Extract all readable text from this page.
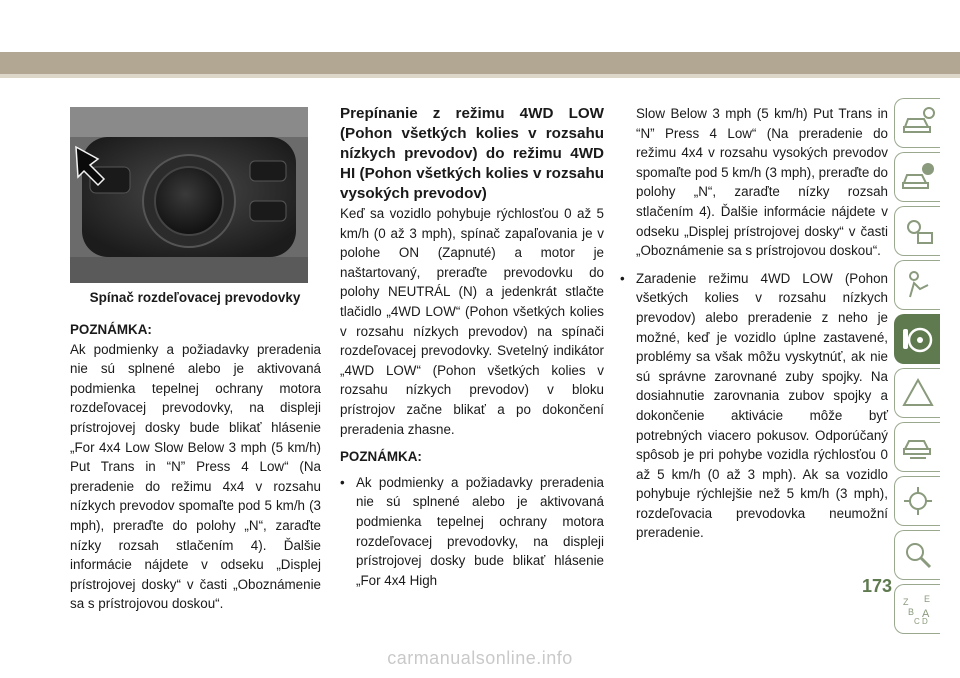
Spínač rozdeľovacej prevodovky

POZNÁMKA:

Ak podmienky a požiadavky preradenia nie sú splnené alebo je aktivovaná podmienka tepelnej ochrany motora rozdeľovacej prevodovky, na displeji prístrojovej dosky bude blikať hlásenie „For 4x4 Low Slow Below 3 mph (5 km/h) Put Trans in “N” Press 4 Low“ (Na preradenie do režimu 4x4 v rozsahu nízkych prevodov spomaľte pod 5 km/h (3 mph), preraďte do polohy „N“, zaraďte nízky rozsah stlačením 4). Ďalšie informácie nájdete v odseku „Displej prístrojovej dosky“ v časti „Oboznámenie sa s prístrojovou doskou“.

Prepínanie z režimu 4WD LOW (Pohon všetkých kolies v rozsahu nízkych prevodov) do režimu 4WD HI (Pohon všetkých kolies v rozsahu vysokých prevodov)

Keď sa vozidlo pohybuje rýchlosťou 0 až 5 km/h (0 až 3 mph), spínač zapaľovania je v polohe ON (Zapnuté) a motor je naštartovaný, preraďte prevodovku do polohy NEUTRÁL (N) a jedenkrát stlačte tlačidlo „4WD LOW“ (Pohon všetkých kolies v rozsahu nízkych prevodov) na spínači rozdeľovacej prevodovky. Svetelný indikátor „4WD LOW“ (Pohon všetkých kolies v rozsahu nízkych prevodov) v bloku prístrojov začne blikať a po dokončení preradenia zhasne.

POZNÁMKA:

• Ak podmienky a požiadavky preradenia nie sú splnené alebo je aktivovaná podmienka tepelnej ochrany motora rozdeľovacej prevodovky, na displeji prístrojovej dosky bude blikať hlásenie „For 4x4 High

Slow Below 3 mph (5 km/h) Put Trans in “N” Press 4 Low“ (Na preradenie do režimu 4x4 v rozsahu vysokých prevodov spomaľte pod 5 km/h (3 mph), preraďte do polohy „N“, zaraďte nízky rozsah stlačením 4). Ďalšie informácie nájdete v odseku „Displej prístrojovej dosky“ v časti „Oboznámenie sa s prístrojovou doskou“.

• Zaradenie režimu 4WD LOW (Pohon všetkých kolies v rozsahu nízkych prevodov) alebo preradenie z neho je možné, keď je vozidlo úplne zastavené, problémy sa však môžu vyskytnúť, ak nie sú správne zarovnané zuby spojky. Na dosiahnutie zarovnania zubov spojky a dokončenie aktivácie môže byť potrebných viacero pokusov. Odporúčaný spôsob je pri pohybe vozidla rýchlosťou 0 až 5 km/h (0 až 3 mph). Ak sa vozidlo pohybuje rýchlejšie než 5 km/h (3 mph), rozdeľovacia prevodovka neumožní preradenie.

Z E
B A
C D
173
carmanualsonline.info
